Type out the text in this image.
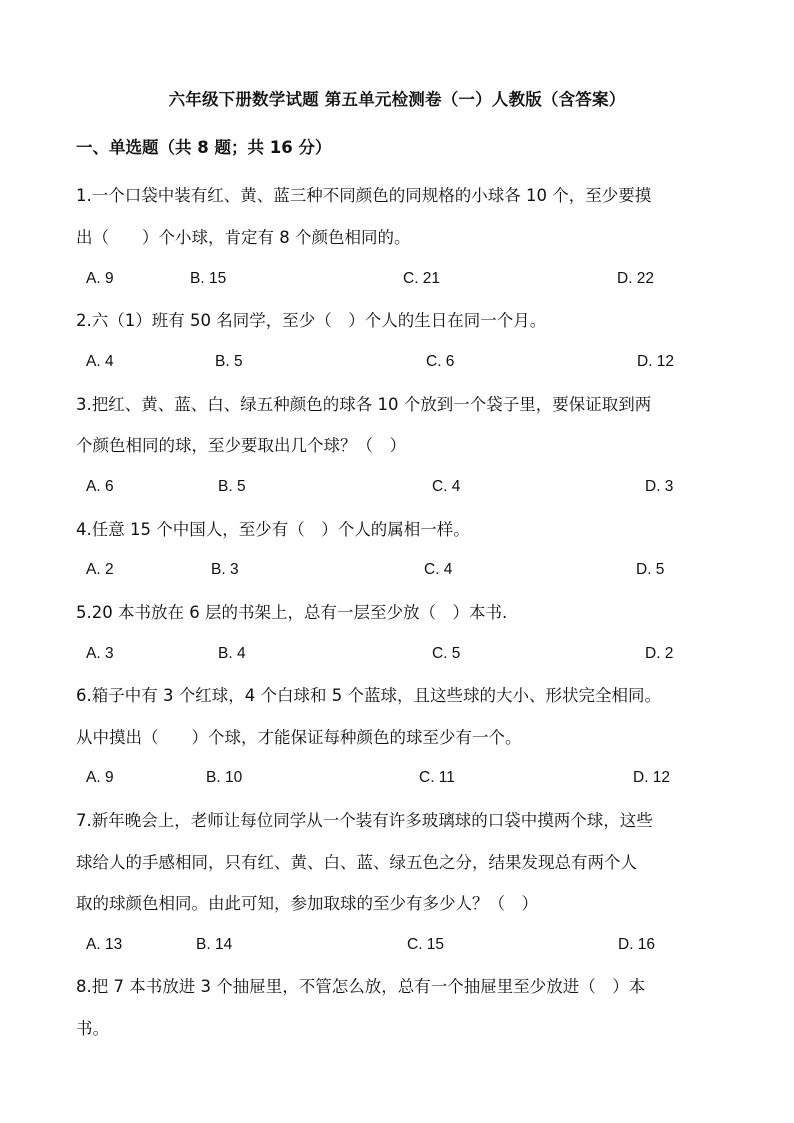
六年级下册数学试题 第五单元检测卷（一）人教版（含答案）
一、单选题（共 8 题；共 16 分）
1.一个口袋中装有红、黄、蓝三种不同颜色的同规格的小球各 10 个，至少要摸
出（　　）个小球，肯定有 8 个颜色相同的。
A. 9	B. 15	C. 21	D. 22
2.六（1）班有 50 名同学，至少（　）个人的生日在同一个月。
A. 4	B. 5	C. 6	D. 12
3.把红、黄、蓝、白、绿五种颜色的球各 10 个放到一个袋子里，要保证取到两
个颜色相同的球，至少要取出几个球？（　）
A. 6	B. 5	C. 4	D. 3
4.任意 15 个中国人，至少有（　）个人的属相一样。
A. 2	B. 3	C. 4	D. 5
5.20 本书放在 6 层的书架上，总有一层至少放（　）本书.
A. 3	B. 4	C. 5	D. 2
6.箱子中有 3 个红球，4 个白球和 5 个蓝球，且这些球的大小、形状完全相同。
从中摸出（　　）个球，才能保证每种颜色的球至少有一个。
A. 9	B. 10	C. 11	D. 12
7.新年晚会上，老师让每位同学从一个装有许多玻璃球的口袋中摸两个球，这些
球给人的手感相同，只有红、黄、白、蓝、绿五色之分，结果发现总有两个人
取的球颜色相同。由此可知，参加取球的至少有多少人？（　）
A. 13	B. 14	C. 15	D. 16
8.把 7 本书放进 3 个抽屉里，不管怎么放，总有一个抽屉里至少放进（　）本
书。
